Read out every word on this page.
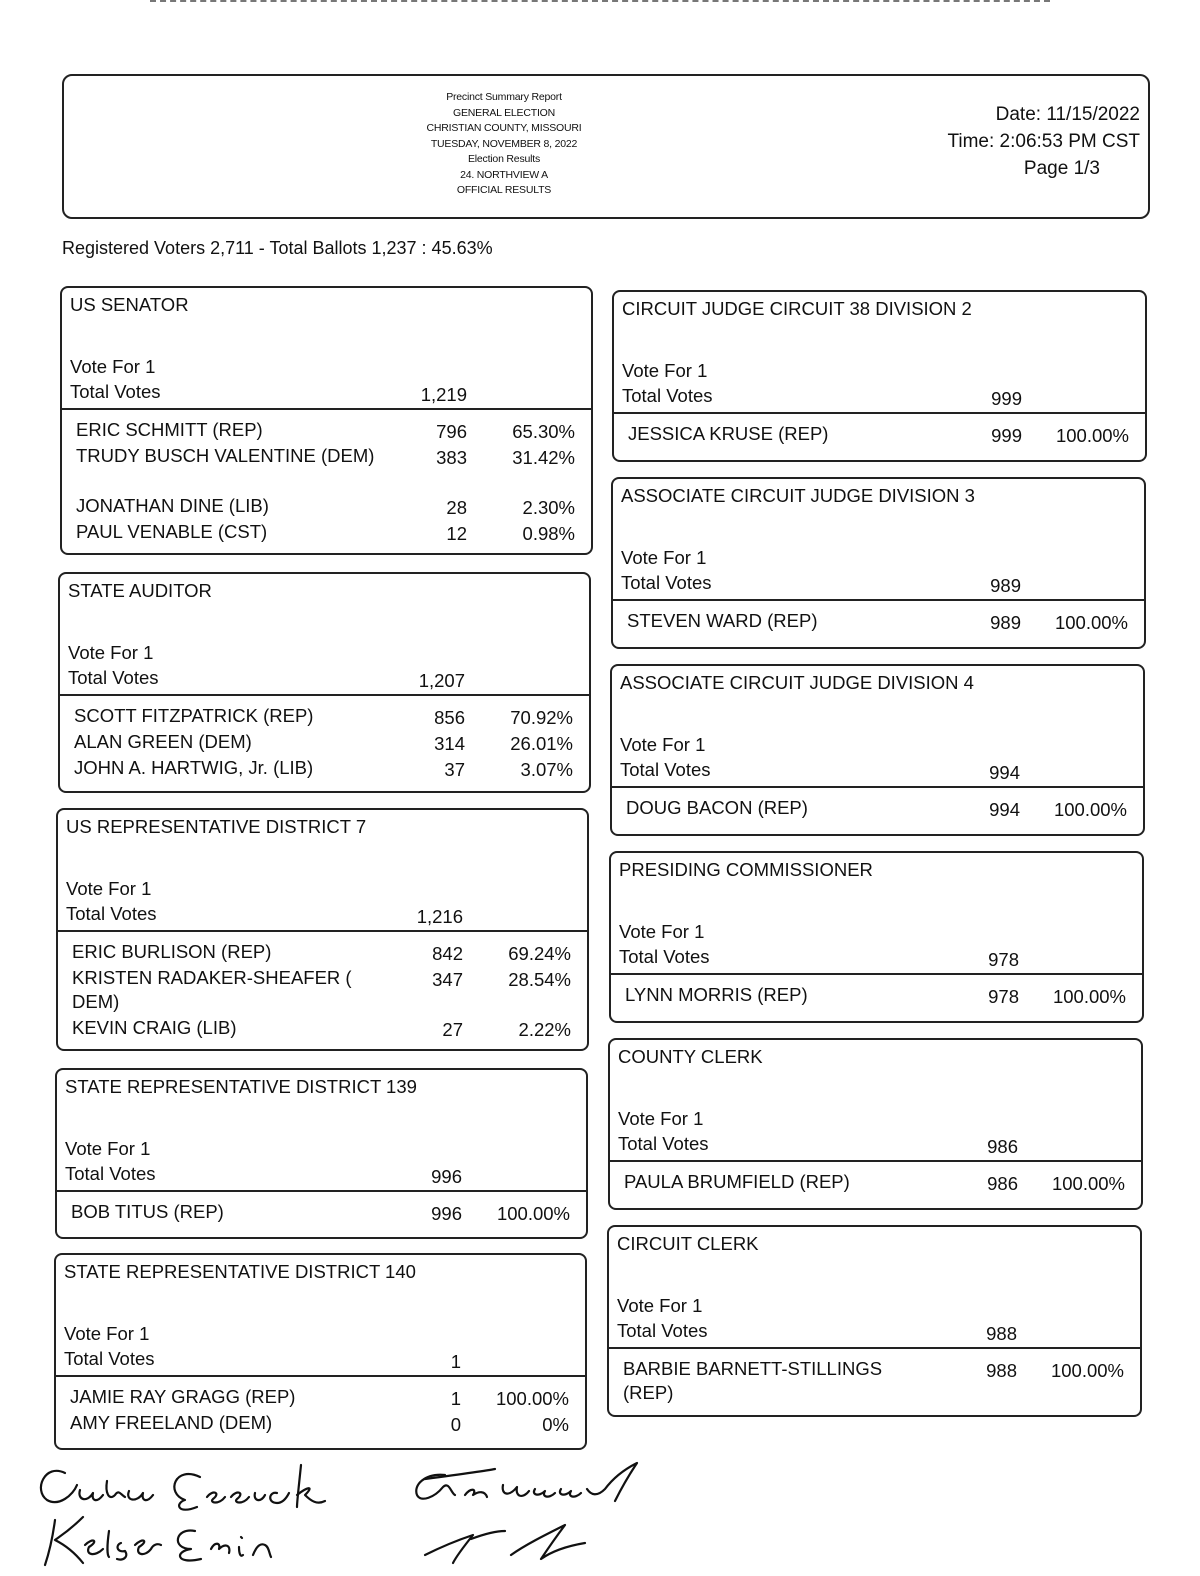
Precinct Summary Report
GENERAL ELECTION
CHRISTIAN COUNTY, MISSOURI
TUESDAY, NOVEMBER 8, 2022
Election Results
24. NORTHVIEW A
OFFICIAL RESULTS
Date: 11/15/2022
Time: 2:06:53 PM CST
Page 1/3
Registered Voters 2,711 - Total Ballots 1,237 : 45.63%
US SENATOR
Vote For 1
Total Votes	1,219
ERIC SCHMITT (REP)	796	65.30%
TRUDY BUSCH VALENTINE (DEM)	383	31.42%
JONATHAN DINE (LIB)	28	2.30%
PAUL VENABLE (CST)	12	0.98%
STATE AUDITOR
Vote For 1
Total Votes	1,207
SCOTT FITZPATRICK (REP)	856	70.92%
ALAN GREEN (DEM)	314	26.01%
JOHN A. HARTWIG, Jr. (LIB)	37	3.07%
US REPRESENTATIVE DISTRICT 7
Vote For 1
Total Votes	1,216
ERIC BURLISON (REP)	842	69.24%
KRISTEN RADAKER-SHEAFER ( DEM)
347	28.54%
KEVIN CRAIG (LIB)	27	2.22%
STATE REPRESENTATIVE DISTRICT 139
Vote For 1
Total Votes	996
BOB TITUS (REP)	996	100.00%
STATE REPRESENTATIVE DISTRICT 140
Vote For 1
Total Votes	1
JAMIE RAY GRAGG (REP)	1	100.00%
AMY FREELAND (DEM)	0	0%
CIRCUIT JUDGE CIRCUIT 38 DIVISION 2
Vote For 1
Total Votes	999
JESSICA KRUSE (REP)	999	100.00%
ASSOCIATE CIRCUIT JUDGE DIVISION 3
Vote For 1
Total Votes	989
STEVEN WARD (REP)	989	100.00%
ASSOCIATE CIRCUIT JUDGE DIVISION 4
Vote For 1
Total Votes	994
DOUG BACON (REP)	994	100.00%
PRESIDING COMMISSIONER
Vote For 1
Total Votes	978
LYNN MORRIS (REP)	978	100.00%
COUNTY CLERK
Vote For 1
Total Votes	986
PAULA BRUMFIELD (REP)	986	100.00%
CIRCUIT CLERK
Vote For 1
Total Votes	988
BARBIE BARNETT-STILLINGS (REP)
988	100.00%
